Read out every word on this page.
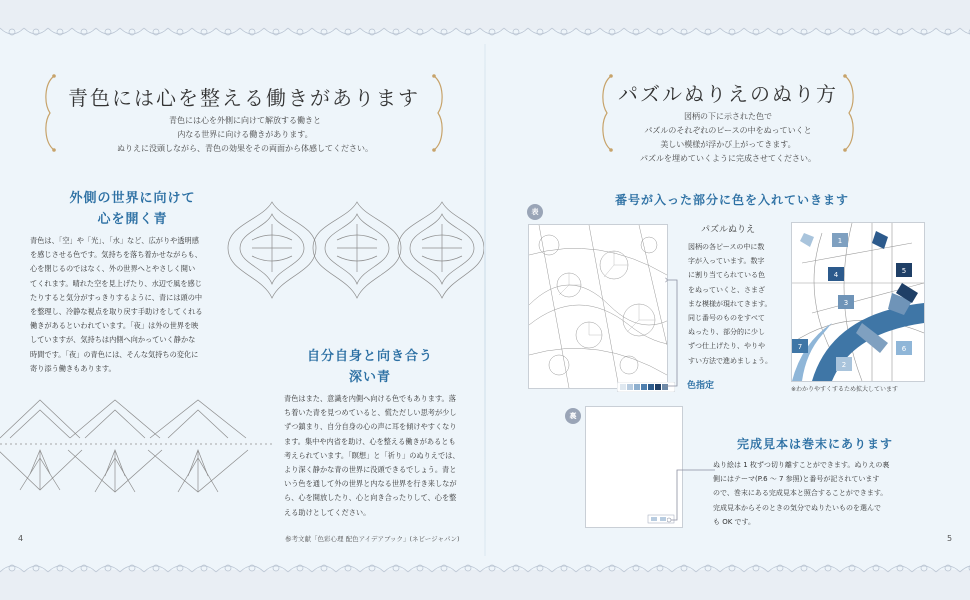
青色には心を整える働きがあります
青色には心を外側に向けて解放する働きと
内なる世界に向ける働きがあります。
ぬりえに没頭しながら、青色の効果をその両面から体感してください。
外側の世界に向けて
心を開く青
青色は、「空」や「光」、「水」など、広がりや透明感
を感じさせる色です。気持ちを落ち着かせながらも、
心を閉じるのではなく、外の世界へとやさしく開い
てくれます。晴れた空を見上げたり、水辺で風を感じ
たりすると気分がすっきりするように、青には頭の中
を整理し、冷静な視点を取り戻す手助けをしてくれる
働きがあるといわれています。「夜」は外の世界を映
していますが、気持ちは内側へ向かっていく静かな
時間です。「夜」の青色には、そんな気持ちの変化に
寄り添う働きもあります。
自分自身と向き合う
深い青
青色はまた、意識を内側へ向ける色でもあります。落
ち着いた青を見つめていると、慌ただしい思考が少し
ずつ鎮まり、自分自身の心の声に耳を傾けやすくなり
ます。集中や内省を助け、心を整える働きがあるとも
考えられています。「瞑想」と「祈り」のぬりえでは、
より深く静かな青の世界に没頭できるでしょう。青と
いう色を通して外の世界と内なる世界を行き来しなが
ら、心を開放したり、心と向き合ったりして、心を整
える助けとしてください。
4	参考文献「色彩心理 配色アイデアブック」(ネビージャパン)
パズルぬりえのぬり方
図柄の下に示された色で
パズルのそれぞれのピースの中をぬっていくと
美しい模様が浮かび上がってきます。
パズルを埋めていくように完成させてください。
番号が入った部分に色を入れていきます
表
色指定
パズルぬりえ
図柄の各ピースの中に数
字が入っています。数字
に割り当てられている色
をぬっていくと、さまざ
まな模様が現れてきます。
同じ番号のものをすべて
ぬったり、部分的に少し
ずつ仕上げたり、やりや
すい方法で進めましょう。
1
4	5
3
7	6
2
※わかりやすくするため拡大しています
裏
完成見本は巻末にあります
ぬり絵は 1 枚ずつ切り離すことができます。ぬりえの裏
側にはテーマ(P.6 ～ 7 参照)と番号が記されています
ので、巻末にある完成見本と照合することができます。
完成見本からそのときの気分でぬりたいものを選んで
も OK です。
5
